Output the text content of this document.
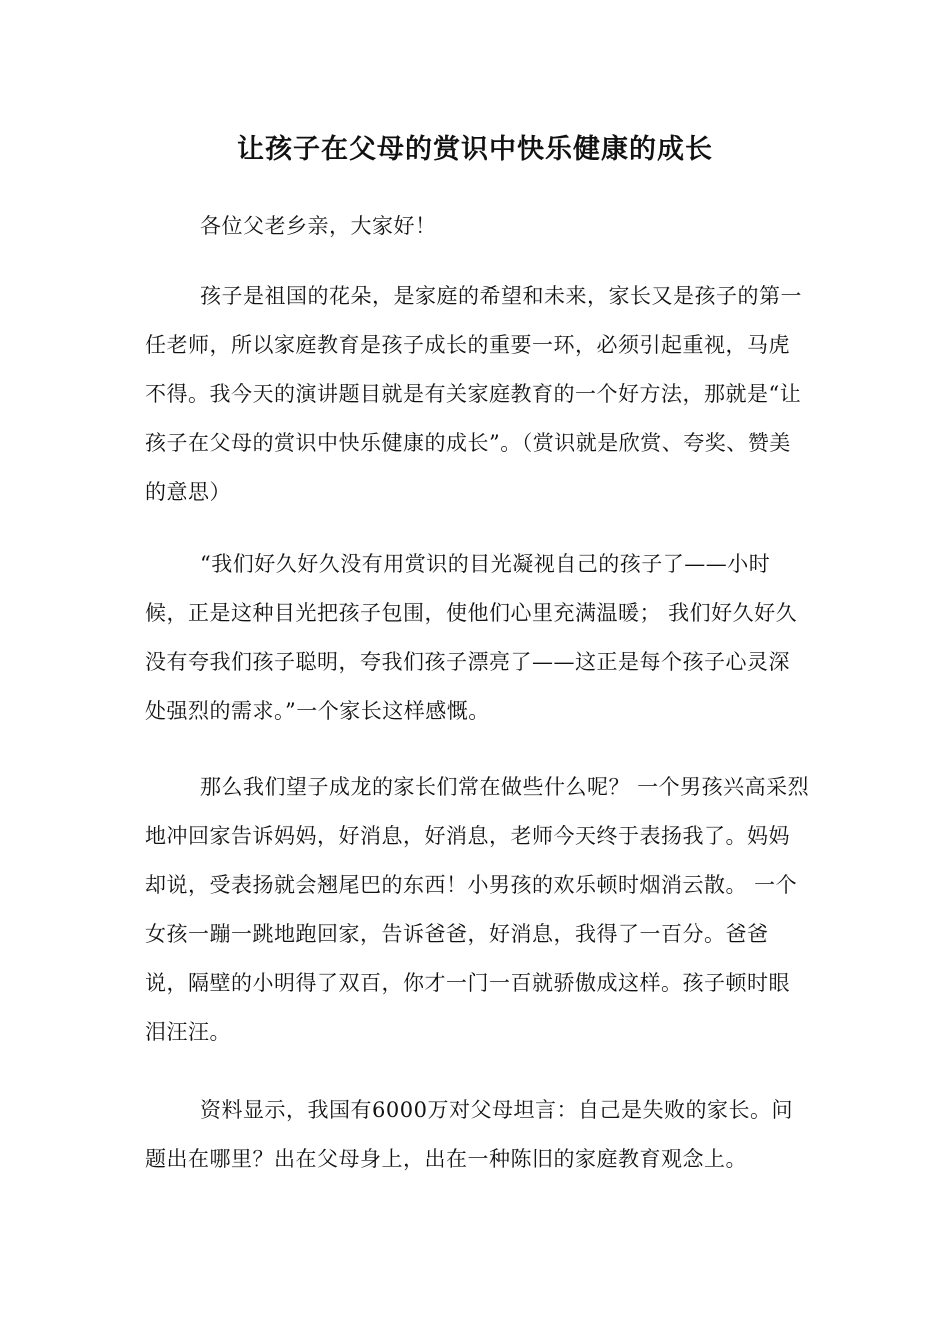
让孩子在父母的赏识中快乐健康的成长

各位父老乡亲，大家好！

孩子是祖国的花朵，是家庭的希望和未来，家长又是孩子的第一任老师，所以家庭教育是孩子成长的重要一环，必须引起重视，马虎不得。我今天的演讲题目就是有关家庭教育的一个好方法，那就是“让孩子在父母的赏识中快乐健康的成长”。（赏识就是欣赏、夸奖、赞美的意思）

“我们好久好久没有用赏识的目光凝视自己的孩子了——小时候，正是这种目光把孩子包围，使他们心里充满温暖； 我们好久好久没有夸我们孩子聪明，夸我们孩子漂亮了——这正是每个孩子心灵深处强烈的需求。”一个家长这样感慨。

那么我们望子成龙的家长们常在做些什么呢？ 一个男孩兴高采烈地冲回家告诉妈妈，好消息，好消息，老师今天终于表扬我了。妈妈却说，受表扬就会翘尾巴的东西！小男孩的欢乐顿时烟消云散。 一个女孩一蹦一跳地跑回家，告诉爸爸，好消息，我得了一百分。爸爸说，隔壁的小明得了双百，你才一门一百就骄傲成这样。孩子顿时眼泪汪汪。

资料显示，我国有6000万对父母坦言：自己是失败的家长。问题出在哪里？出在父母身上，出在一种陈旧的家庭教育观念上。
